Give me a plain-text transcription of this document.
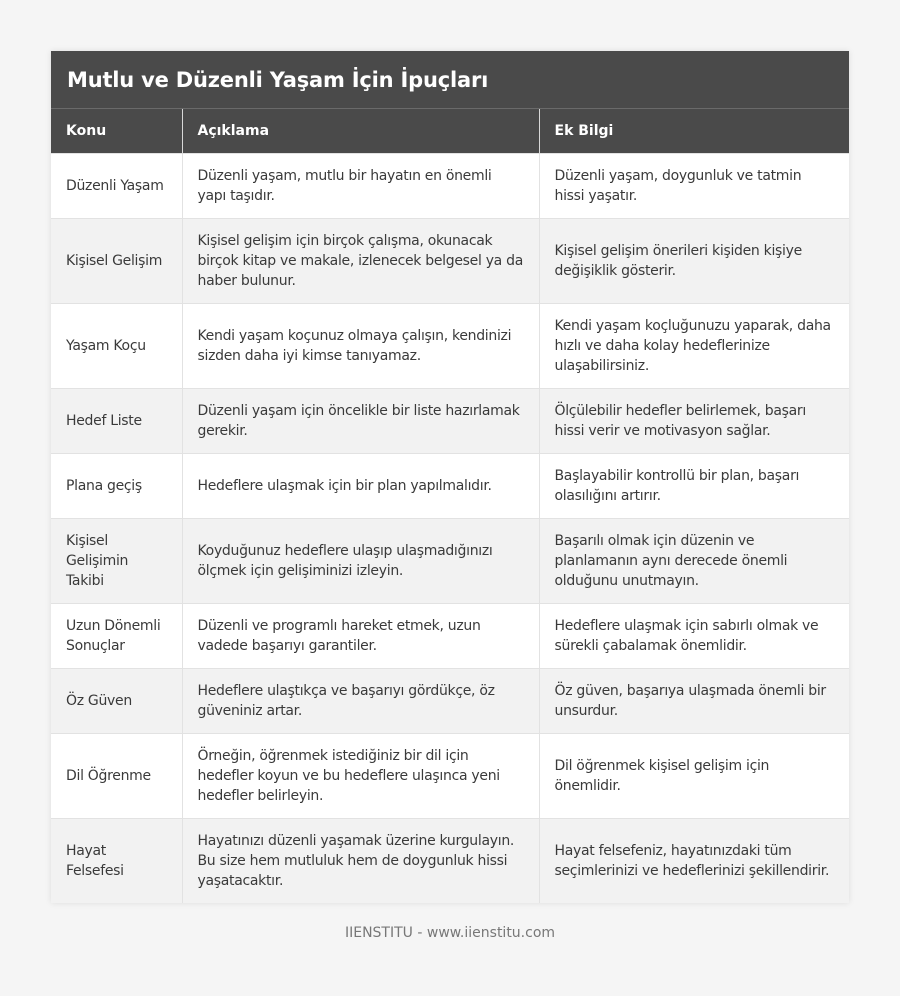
Mutlu ve Düzenli Yaşam İçin İpuçları
Konu	Açıklama	Ek Bilgi
Düzenli Yaşam	Düzenli yaşam, mutlu bir hayatın en önemli yapı taşıdır.	Düzenli yaşam, doygunluk ve tatmin hissi yaşatır.
Kişisel Gelişim	Kişisel gelişim için birçok çalışma, okunacak birçok kitap ve makale, izlenecek belgesel ya da haber bulunur.	Kişisel gelişim önerileri kişiden kişiye değişiklik gösterir.
Yaşam Koçu	Kendi yaşam koçunuz olmaya çalışın, kendinizi sizden daha iyi kimse tanıyamaz.	Kendi yaşam koçluğunuzu yaparak, daha hızlı ve daha kolay hedeflerinize ulaşabilirsiniz.
Hedef Liste	Düzenli yaşam için öncelikle bir liste hazırlamak gerekir.	Ölçülebilir hedefler belirlemek, başarı hissi verir ve motivasyon sağlar.
Plana geçiş	Hedeflere ulaşmak için bir plan yapılmalıdır.	Başlayabilir kontrollü bir plan, başarı olasılığını artırır.
Kişisel Gelişimin Takibi	Koyduğunuz hedeflere ulaşıp ulaşmadığınızı ölçmek için gelişiminizi izleyin.	Başarılı olmak için düzenin ve planlamanın aynı derecede önemli olduğunu unutmayın.
Uzun Dönemli Sonuçlar	Düzenli ve programlı hareket etmek, uzun vadede başarıyı garantiler.	Hedeflere ulaşmak için sabırlı olmak ve sürekli çabalamak önemlidir.
Öz Güven	Hedeflere ulaştıkça ve başarıyı gördükçe, öz güveniniz artar.	Öz güven, başarıya ulaşmada önemli bir unsurdur.
Dil Öğrenme	Örneğin, öğrenmek istediğiniz bir dil için hedefler koyun ve bu hedeflere ulaşınca yeni hedefler belirleyin.	Dil öğrenmek kişisel gelişim için önemlidir.
Hayat Felsefesi	Hayatınızı düzenli yaşamak üzerine kurgulayın. Bu size hem mutluluk hem de doygunluk hissi yaşatacaktır.	Hayat felsefeniz, hayatınızdaki tüm seçimlerinizi ve hedeflerinizi şekillendirir.
IIENSTITU - www.iienstitu.com
